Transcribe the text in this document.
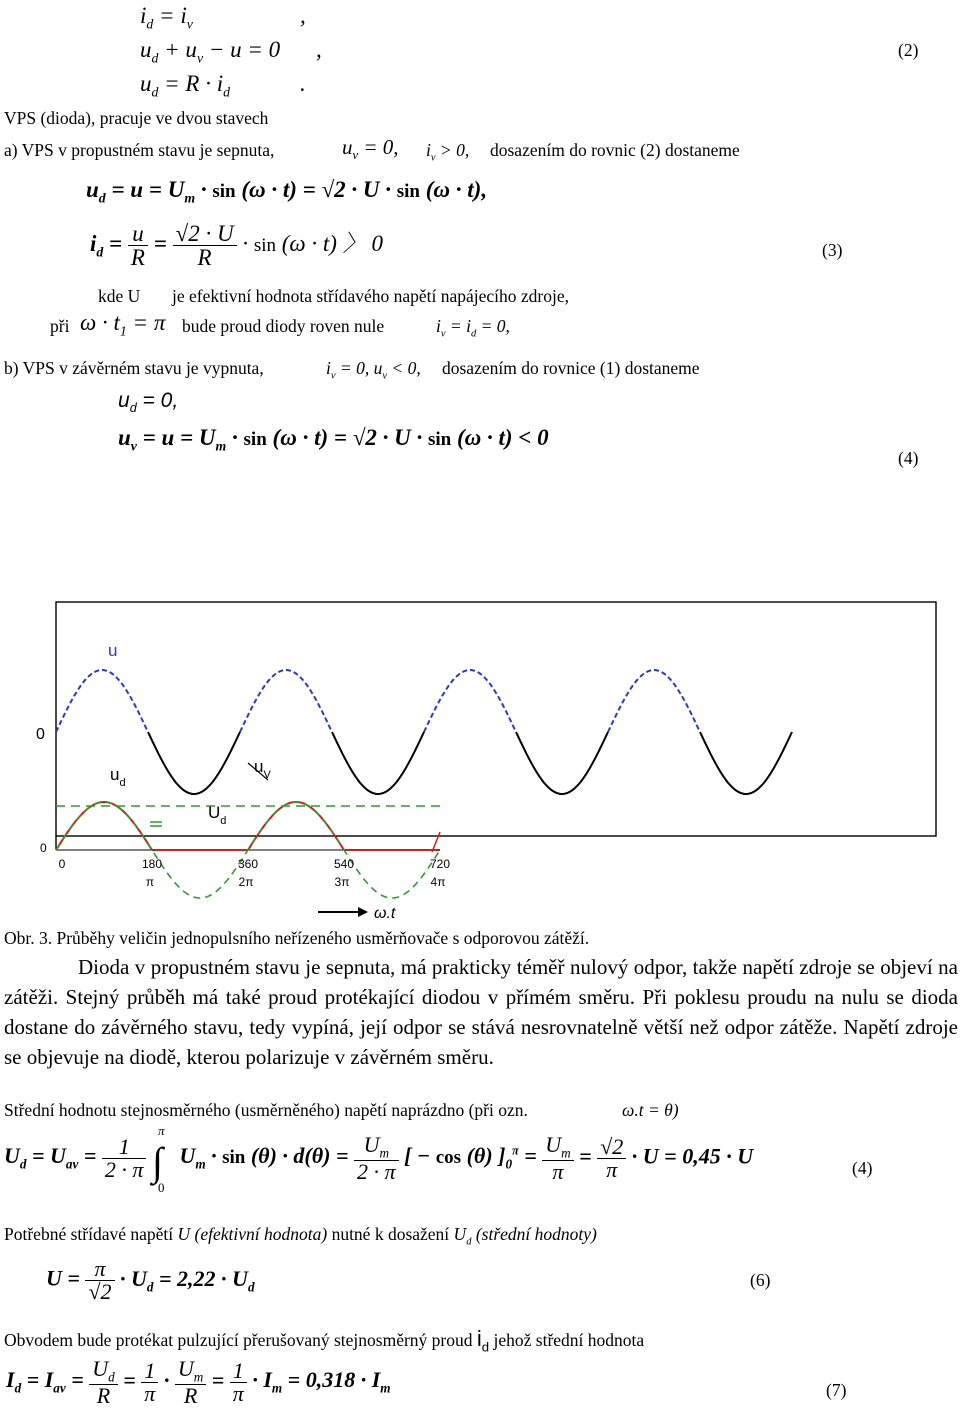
$i_d = i_v$	,
$u_d + u_v - u = 0$ ,
$u_d = R \cdot i_d$	.
(2)
VPS (dioda), pracuje ve dvou stavech
a) VPS v propustném stavu je sepnuta,	$u_v = 0$, $i_v > 0$, dosazením do rovnic (2) dostaneme
$u_d = u = U_m \cdot \sin (\omega \cdot t) = √2 \cdot U \cdot \sin (\omega \cdot t)$,
$i_d = \frac{u}{R} = \frac{√2 \cdot U}{R} \cdot \sin (\omega \cdot t)$ 〉 0	(3)
kde U je efektivní hodnota střídavého napětí napájecího zdroje,
při $\omega \cdot t_1 = \pi$ bude proud diody roven nule	$i_v = i_d = 0$,
b) VPS v závěrném stavu je vypnuta,	$i_v = 0$, $u_v < 0$, dosazením do rovnice (1) dostaneme
$u_d = 0$,
$u_v = u = U_m \cdot \sin (\omega \cdot t) = √2 \cdot U \cdot \sin (\omega \cdot t) < 0$
(4)
u
0
$u_d$
$u_V$
$U_d$
0
0	180	360	540	720
π	2π	3π	4π
ω.t
Obr. 3. Průběhy veličin jednopulsního neřízeného usměrňovače s odporovou zátěží.
Dioda v propustném stavu je sepnuta, má prakticky téměř nulový odpor, takže napětí zdroje se objeví na zátěži. Stejný průběh má také proud protékající diodou v přímém směru. Při poklesu proudu na nulu se dioda dostane do závěrného stavu, tedy vypíná, její odpor se stává nesrovnatelně větší než odpor zátěže. Napětí zdroje se objevuje na diodě, kterou polarizuje v závěrném směru.
Střední hodnotu stejnosměrného (usměrněného) napětí naprázdno (při ozn.	ω.t = θ)
$U_d = U_{av} = \frac{1}{2 \cdot \pi}$ ∫
π
0
$U_m \cdot \sin (\theta) \cdot d(\theta) = \frac{U_m}{2 \cdot \pi}$ [ − cos (θ) ]$_0^\pi = \frac{U_m}{\pi} = \frac{√2}{\pi} \cdot U = 0,45 \cdot U$	(4)
Potřebné střídavé napětí U (efektivní hodnota) nutné k dosažení $U_d$ (střední hodnoty)
$U = \frac{\pi}{√2} \cdot U_d = 2,22 \cdot U_d$	(6)
Obvodem bude protékat pulzující přerušovaný stejnosměrný proud $i_d$ jehož střední hodnota
$I_d = I_{av} = \frac{U_d}{R} = \frac{1}{\pi} \cdot \frac{U_m}{R} = \frac{1}{\pi} \cdot I_m = 0,318 \cdot I_m$	(7)
